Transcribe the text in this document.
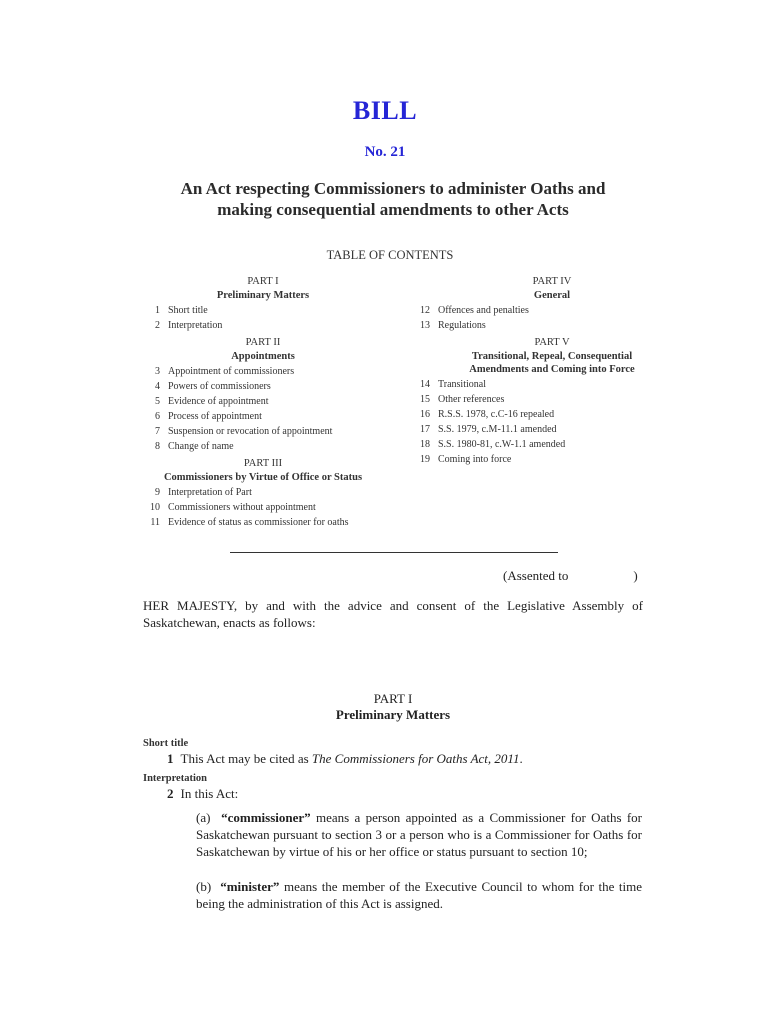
BILL
No. 21
An Act respecting Commissioners to administer Oaths and
making consequential amendments to other Acts
TABLE OF CONTENTS
PART I
Preliminary Matters
1 Short title
2 Interpretation
PART II
Appointments
3 Appointment of commissioners
4 Powers of commissioners
5 Evidence of appointment
6 Process of appointment
7 Suspension or revocation of appointment
8 Change of name
PART III
Commissioners by Virtue of Office or Status
9 Interpretation of Part
10 Commissioners without appointment
11 Evidence of status as commissioner for oaths
PART IV
General
12 Offences and penalties
13 Regulations
PART V
Transitional, Repeal, Consequential
Amendments and Coming into Force
14 Transitional
15 Other references
16 R.S.S. 1978, c.C-16 repealed
17 S.S. 1979, c.M-11.1 amended
18 S.S. 1980-81, c.W-1.1 amended
19 Coming into force
(Assented to                    )
HER MAJESTY, by and with the advice and consent of the Legislative Assembly of Saskatchewan, enacts as follows:
PART I
Preliminary Matters
Short title
1 This Act may be cited as The Commissioners for Oaths Act, 2011.
Interpretation
2 In this Act:
(a) “commissioner” means a person appointed as a Commissioner for Oaths for Saskatchewan pursuant to section 3 or a person who is a Commissioner for Oaths for Saskatchewan by virtue of his or her office or status pursuant to section 10;
(b) “minister” means the member of the Executive Council to whom for the time being the administration of this Act is assigned.
